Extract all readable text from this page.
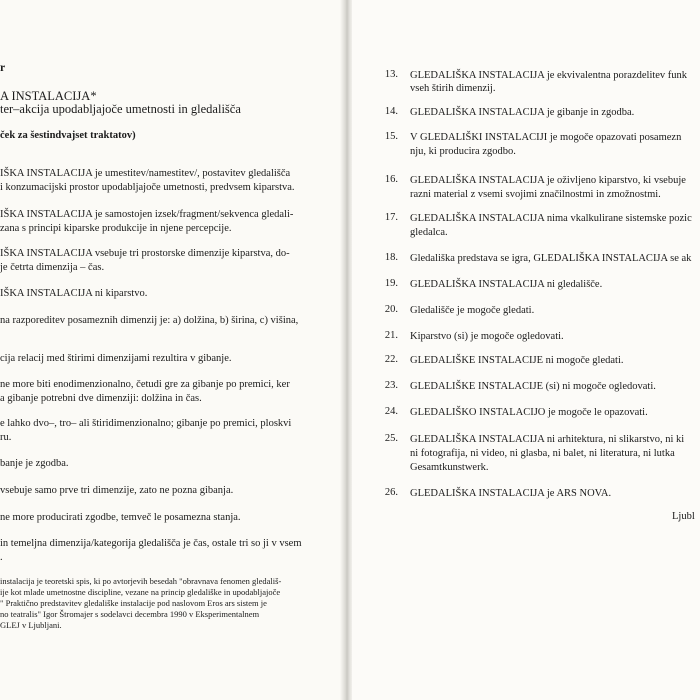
r
A INSTALACIJA*
ter–akcija upodabljajoče umetnosti in gledališča
ček za šestindvajset traktatov)
IŠKA INSTALACIJA je umestitev/namestitev/, postavitev gledališča
i konzumacijski prostor upodabljajoče umetnosti, predvsem kiparstva.
IŠKA INSTALACIJA je samostojen izsek/fragment/sekvenca gledali-
zana s principi kiparske produkcije in njene percepcije.
IŠKA INSTALACIJA vsebuje tri prostorske dimenzije kiparstva, do-
je četrta dimenzija – čas.
IŠKA INSTALACIJA ni kiparstvo.
na razporeditev posameznih dimenzij je: a) dolžina, b) širina, c) višina,
cija relacij med štirimi dimenzijami rezultira v gibanje.
ne more biti enodimenzionalno, četudi gre za gibanje po premici, ker
a gibanje potrebni dve dimenziji: dolžina in čas.
e lahko dvo–, tro– ali štiridimenzionalno; gibanje po premici, ploskvi
ru.
banje je zgodba.
vsebuje samo prve tri dimenzije, zato ne pozna gibanja.
ne more producirati zgodbe, temveč le posamezna stanja.
in temeljna dimenzija/kategorija gledališča je čas, ostale tri so ji v vsem
.
instalacija je teoretski spis, ki po avtorjevih besedah "obravnava fenomen gledališ-
ije kot mlade umetnostne discipline, vezane na princip gledališke in upodabljajoče
" Praktično predstavitev gledališke instalacije pod naslovom Eros ars sistem je
no teatralis" Igor Štromajer s sodelavci decembra 1990 v Eksperimentalnem
GLEJ v Ljubljani.
13. GLEDALIŠKA INSTALACIJA je ekvivalentna porazdelitev funk
vseh štirih dimenzij.
14. GLEDALIŠKA INSTALACIJA je gibanje in zgodba.
15. V GLEDALIŠKI INSTALACIJI je mogoče opazovati posamezn
nju, ki producira zgodbo.
16. GLEDALIŠKA INSTALACIJA je oživljeno kiparstvo, ki vsebuje
razni material z vsemi svojimi značilnostmi in zmožnostmi.
17. GLEDALIŠKA INSTALACIJA nima vkalkulirane sistemske pozic
gledalca.
18. Gledališka predstava se igra, GLEDALIŠKA INSTALACIJA se ak
19. GLEDALIŠKA INSTALACIJA ni gledališče.
20. Gledališče je mogoče gledati.
21. Kiparstvo (si) je mogoče ogledovati.
22. GLEDALIŠKE INSTALACIJE ni mogoče gledati.
23. GLEDALIŠKE INSTALACIJE (si) ni mogoče ogledovati.
24. GLEDALIŠKO INSTALACIJO je mogoče le opazovati.
25. GLEDALIŠKA INSTALACIJA ni arhitektura, ni slikarstvo, ni ki
ni fotografija, ni video, ni glasba, ni balet, ni literatura, ni lutka
Gesamtkunstwerk.
26. GLEDALIŠKA INSTALACIJA je ARS NOVA.
Ljubl
